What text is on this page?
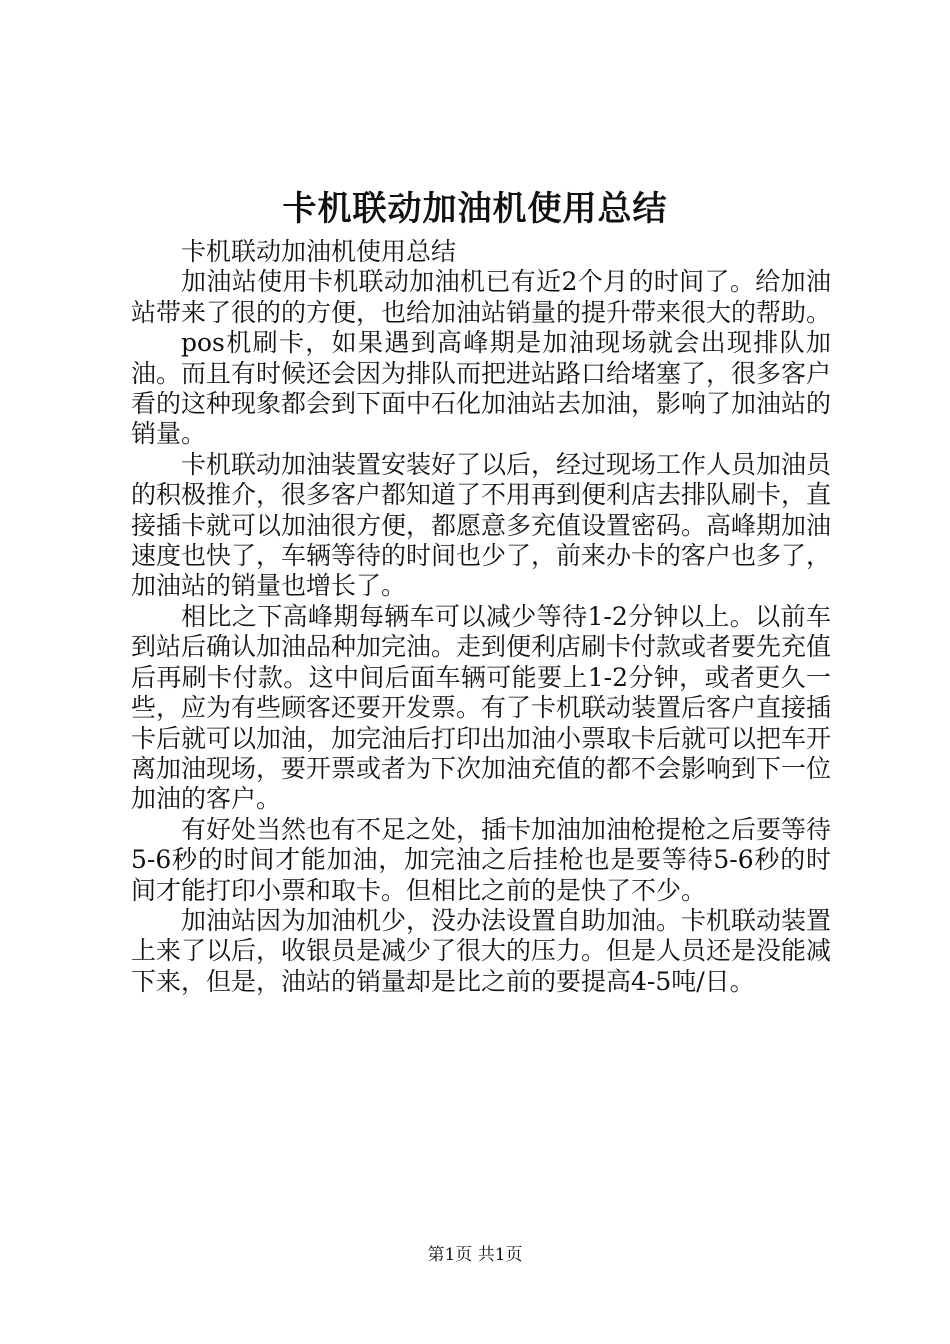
卡机联动加油机使用总结

卡机联动加油机使用总结

加油站使用卡机联动加油机已有近2个月的时间了。给加油站带来了很的的方便，也给加油站销量的提升带来很大的帮助。

pos机刷卡，如果遇到高峰期是加油现场就会出现排队加油。而且有时候还会因为排队而把进站路口给堵塞了，很多客户看的这种现象都会到下面中石化加油站去加油，影响了加油站的销量。

卡机联动加油装置安装好了以后，经过现场工作人员加油员的积极推介，很多客户都知道了不用再到便利店去排队刷卡，直接插卡就可以加油很方便，都愿意多充值设置密码。高峰期加油速度也快了，车辆等待的时间也少了，前来办卡的客户也多了，加油站的销量也增长了。

相比之下高峰期每辆车可以减少等待1-2分钟以上。以前车到站后确认加油品种加完油。走到便利店刷卡付款或者要先充值后再刷卡付款。这中间后面车辆可能要上1-2分钟，或者更久一些，应为有些顾客还要开发票。有了卡机联动装置后客户直接插卡后就可以加油，加完油后打印出加油小票取卡后就可以把车开离加油现场，要开票或者为下次加油充值的都不会影响到下一位加油的客户。

有好处当然也有不足之处，插卡加油加油枪提枪之后要等待5-6秒的时间才能加油，加完油之后挂枪也是要等待5-6秒的时间才能打印小票和取卡。但相比之前的是快了不少。

加油站因为加油机少，没办法设置自助加油。卡机联动装置上来了以后，收银员是减少了很大的压力。但是人员还是没能减下来，但是，油站的销量却是比之前的要提高4-5吨/日。

第1页 共1页
